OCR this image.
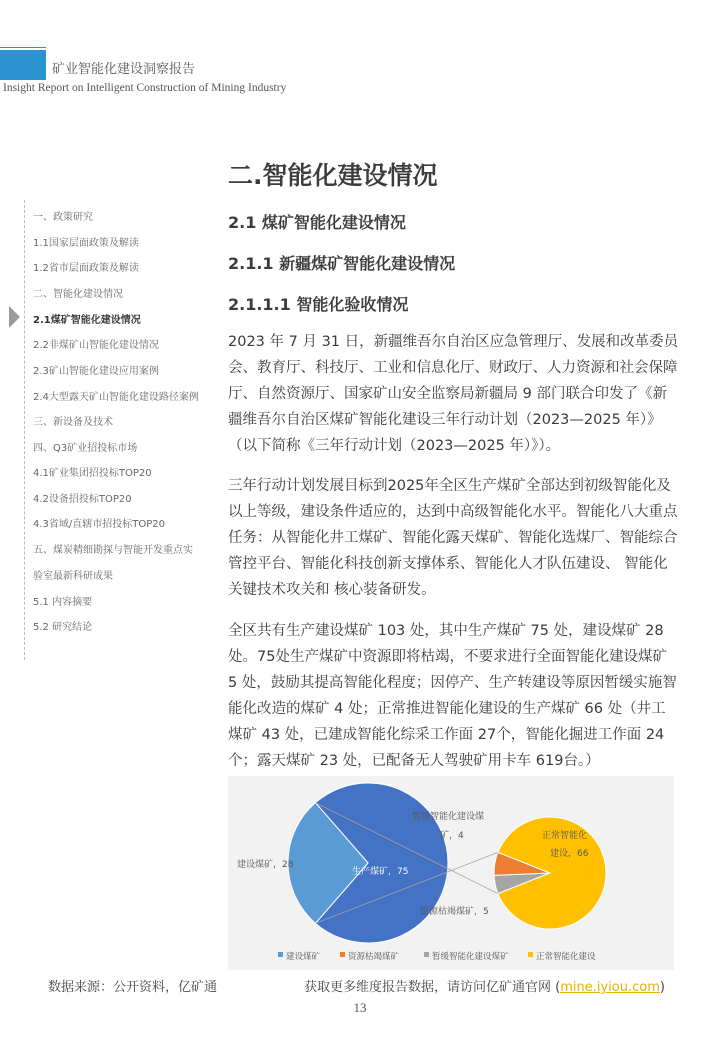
矿业智能化建设洞察报告
Insight Report on Intelligent Construction of Mining Industry
二.智能化建设情况
一、政策研究
1.1国家层面政策及解读
1.2省市层面政策及解读
二、智能化建设情况
2.1煤矿智能化建设情况
2.2非煤矿山智能化建设情况
2.3矿山智能化建设应用案例
2.4大型露天矿山智能化建设路径案例
三、新设备及技术
四、Q3矿业招投标市场
4.1矿业集团招投标TOP20
4.2设备招投标TOP20
4.3省域/直辖市招投标TOP20
五、煤炭精细勘探与智能开发重点实
验室最新科研成果
5.1 内容摘要
5.2 研究结论
2.1 煤矿智能化建设情况
2.1.1 新疆煤矿智能化建设情况
2.1.1.1 智能化验收情况

2023 年 7 月 31 日，新疆维吾尔自治区应急管理厅、发展和改革委员会、教育厅、科技厅、工业和信息化厅、财政厅、人力资源和社会保障厅、自然资源厅、国家矿山安全监察局新疆局 9 部门联合印发了《新疆维吾尔自治区煤矿智能化建设三年行动计划（2023—2025 年）》（以下简称《三年行动计划（2023—2025 年）》）。

三年行动计划发展目标到2025年全区生产煤矿全部达到初级智能化及以上等级，建设条件适应的，达到中高级智能化水平。智能化八大重点任务：从智能化井工煤矿、智能化露天煤矿、智能化选煤厂、智能综合管控平台、智能化科技创新支撑体系、智能化人才队伍建设、 智能化 关键技术攻关和 核心装备研发。

全区共有生产建设煤矿 103 处，其中生产煤矿 75 处，建设煤矿 28 处。75处生产煤矿中资源即将枯竭，不要求进行全面智能化建设煤矿 5 处，鼓励其提高智能化程度；因停产、生产转建设等原因暂缓实施智能化改造的煤矿 4 处；正常推进智能化建设的生产煤矿 66 处（井工煤矿 43 处，已建成智能化综采工作面 27个，智能化掘进工作面 24 个；露天煤矿 23 处，已配备无人驾驶矿用卡车 619台。）

建设煤矿，28
生产煤矿，75
暂缓智能化建设煤
矿，4
资源枯竭煤矿，5
正常智能化
建设，66
建设煤矿	资源枯竭煤矿	暂缓智能化建设煤矿	正常智能化建设
数据来源：公开资料，亿矿通	获取更多维度报告数据，请访问亿矿通官网 (mine.iyiou.com)
13
